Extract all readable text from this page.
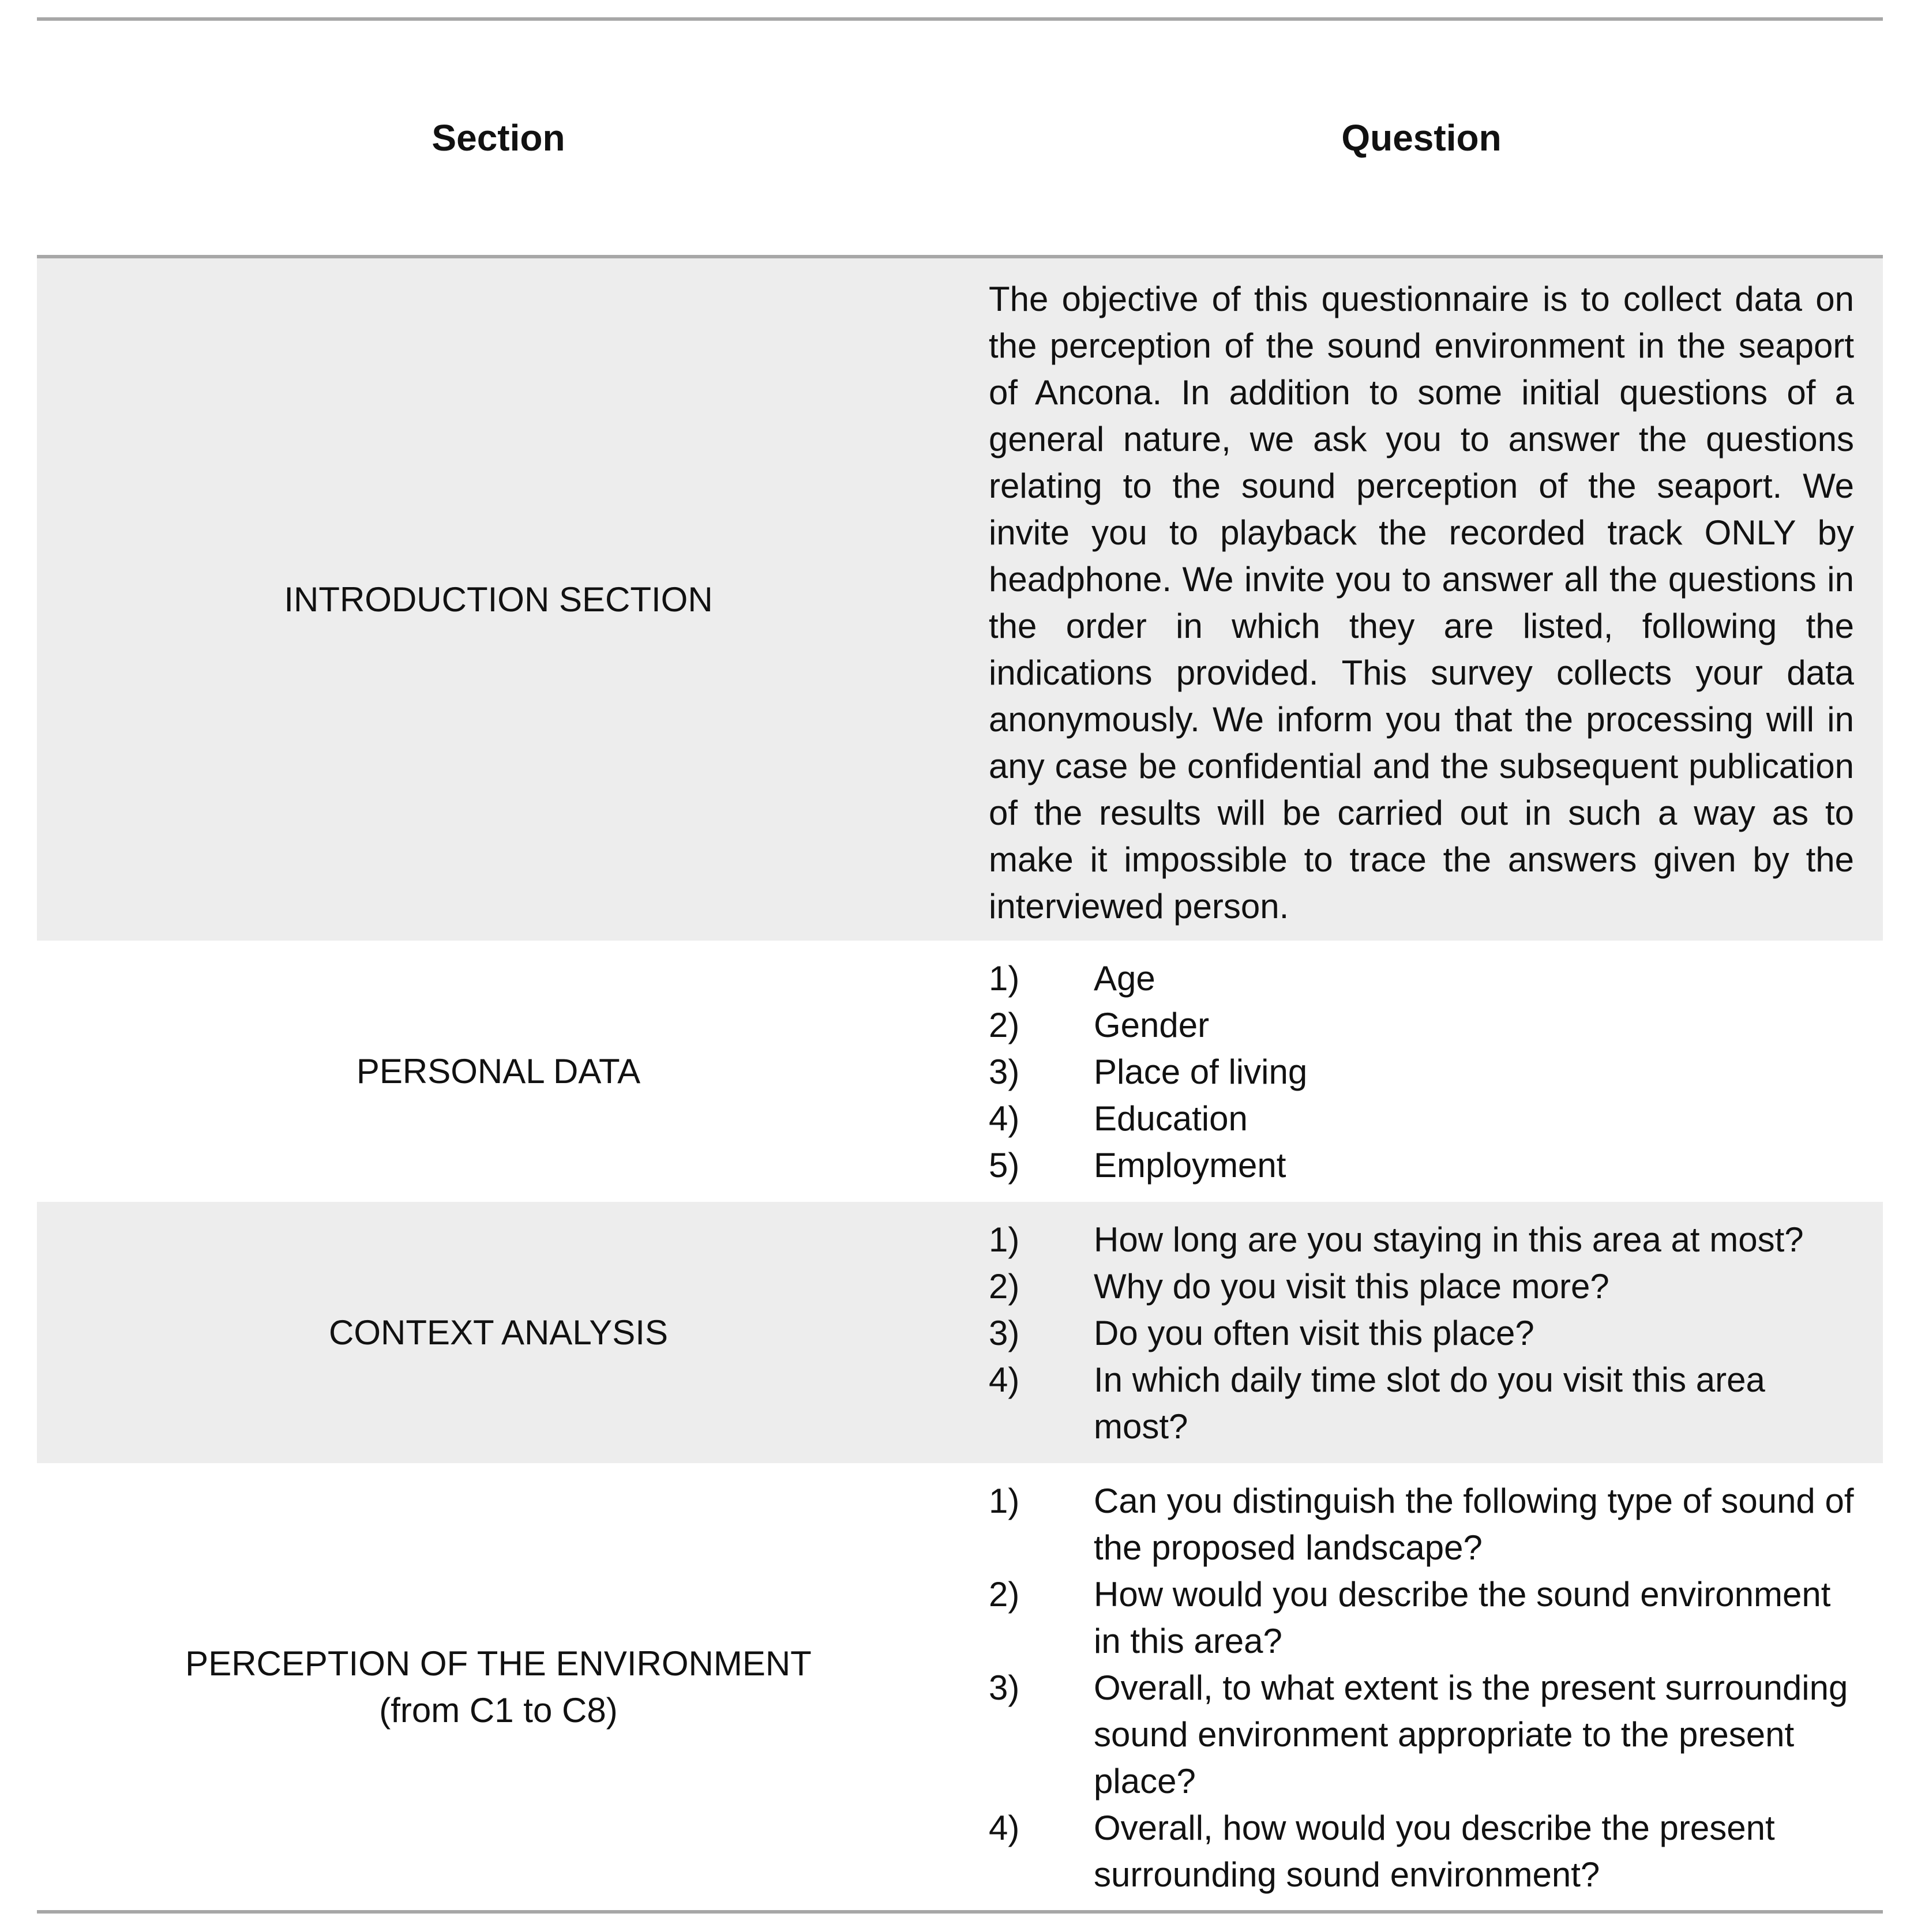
Section	Question
INTRODUCTION SECTION
The objective of this questionnaire is to collect data on the perception of the sound environment in the seaport of Ancona. In addition to some initial questions of a general nature, we ask you to answer the questions relating to the sound perception of the seaport. We invite you to playback the recorded track ONLY by headphone. We invite you to answer all the questions in the order in which they are listed, following the indications provided. This survey collects your data anonymously. We inform you that the processing will in any case be confidential and the subsequent publication of the results will be carried out in such a way as to make it impossible to trace the answers given by the interviewed person.
PERSONAL DATA
1)	Age
2)	Gender
3)	Place of living
4)	Education
5)	Employment
CONTEXT ANALYSIS
1)	How long are you staying in this area at most?
2)	Why do you visit this place more?
3)	Do you often visit this place?
4)	In which daily time slot do you visit this area most?
PERCEPTION OF THE ENVIRONMENT
(from C1 to C8)
1)	Can you distinguish the following type of sound of the proposed landscape?
2)	How would you describe the sound environment in this area?
3)	Overall, to what extent is the present surrounding sound environment appropriate to the present place?
4)	Overall, how would you describe the present surrounding sound environment?
